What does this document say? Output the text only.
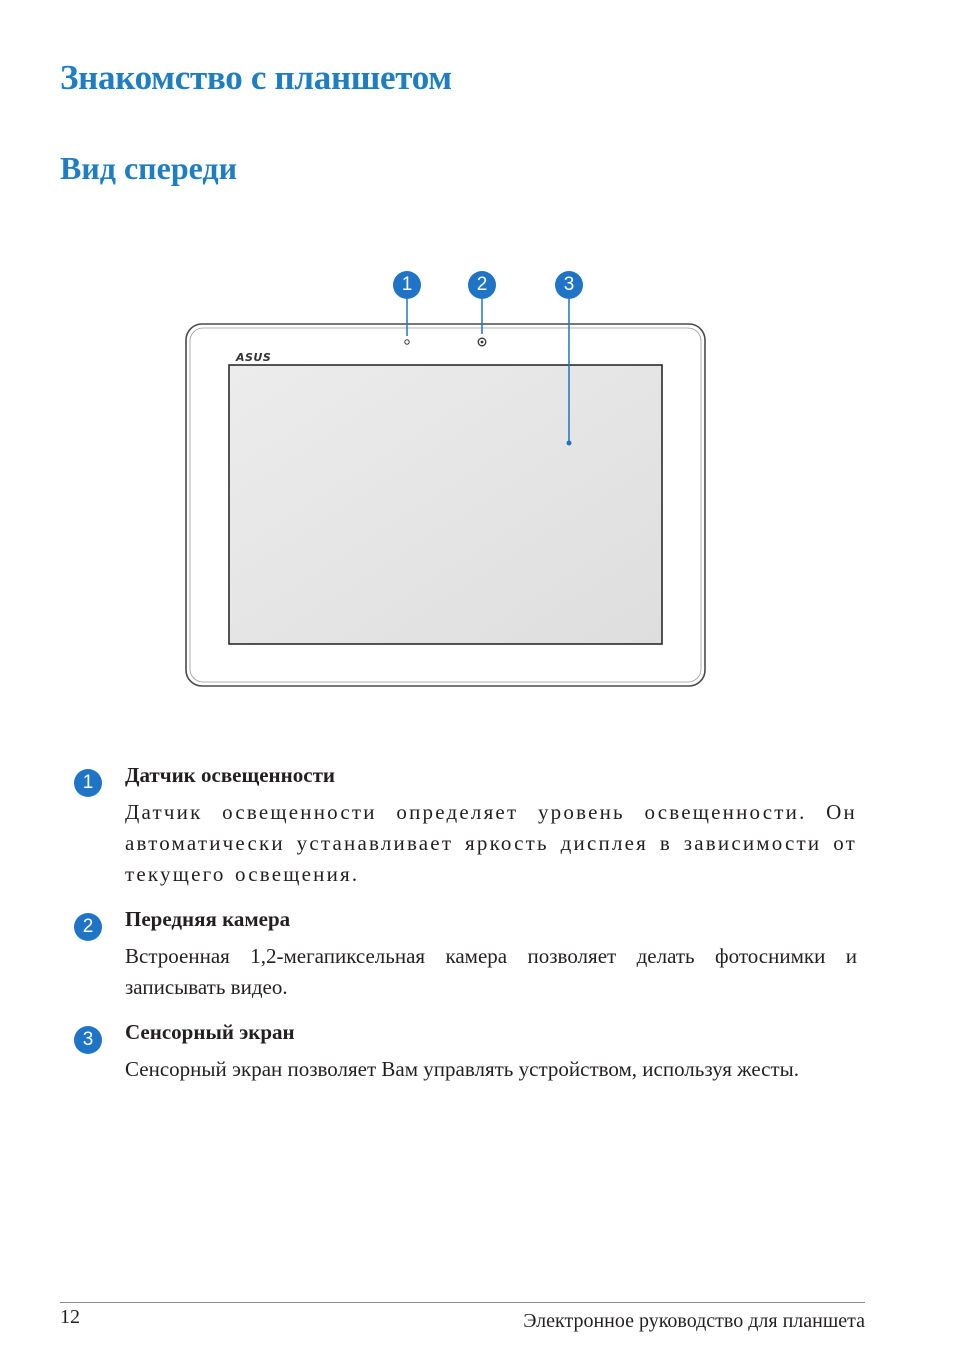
Знакомство с планшетом
Вид спереди
ASUS
1	2	3
1	Датчик освещенности

Датчик освещенности определяет уровень освещенности. Он автоматически устанавливает яркость дисплея в зависимости от текущего освещения.

2	Передняя камера

Встроенная 1,2-мегапиксельная камера позволяет делать фотоснимки и записывать видео.

3	Сенсорный экран

Сенсорный экран позволяет Вам управлять устройством, используя жесты.

12	Электронное руководство для планшета
